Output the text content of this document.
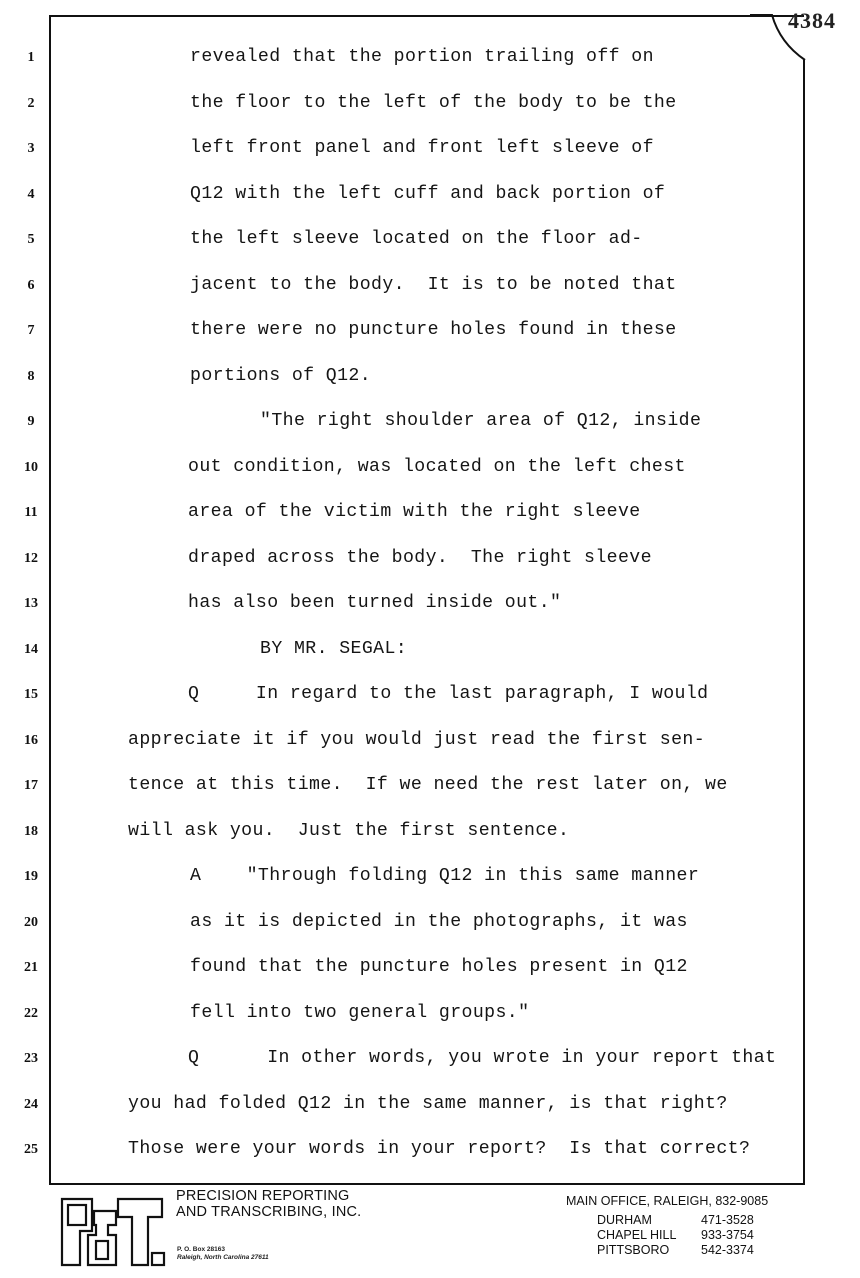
4384
1	revealed that the portion trailing off on
2	the floor to the left of the body to be the
3	left front panel and front left sleeve of
4	Q12 with the left cuff and back portion of
5	the left sleeve located on the floor ad-
6	jacent to the body.  It is to be noted that
7	there were no puncture holes found in these
8	portions of Q12.
9	"The right shoulder area of Q12, inside
10	out condition, was located on the left chest
11	area of the victim with the right sleeve
12	draped across the body.  The right sleeve
13	has also been turned inside out."
14	BY MR. SEGAL:
15	Q     In regard to the last paragraph, I would
16	appreciate it if you would just read the first sen-
17	tence at this time.  If we need the rest later on, we
18	will ask you.  Just the first sentence.
19	A    "Through folding Q12 in this same manner
20	as it is depicted in the photographs, it was
21	found that the puncture holes present in Q12
22	fell into two general groups."
23	Q      In other words, you wrote in your report that
24	you had folded Q12 in the same manner, is that right?
25	Those were your words in your report?  Is that correct?
P&T.	PRECISION REPORTING
AND TRANSCRIBING, INC.
P. O. Box 28163
Raleigh, North Carolina 27611
MAIN OFFICE, RALEIGH, 832-9085
DURHAM	471-3528
CHAPEL HILL 933-3754
PITTSBORO	542-3374
